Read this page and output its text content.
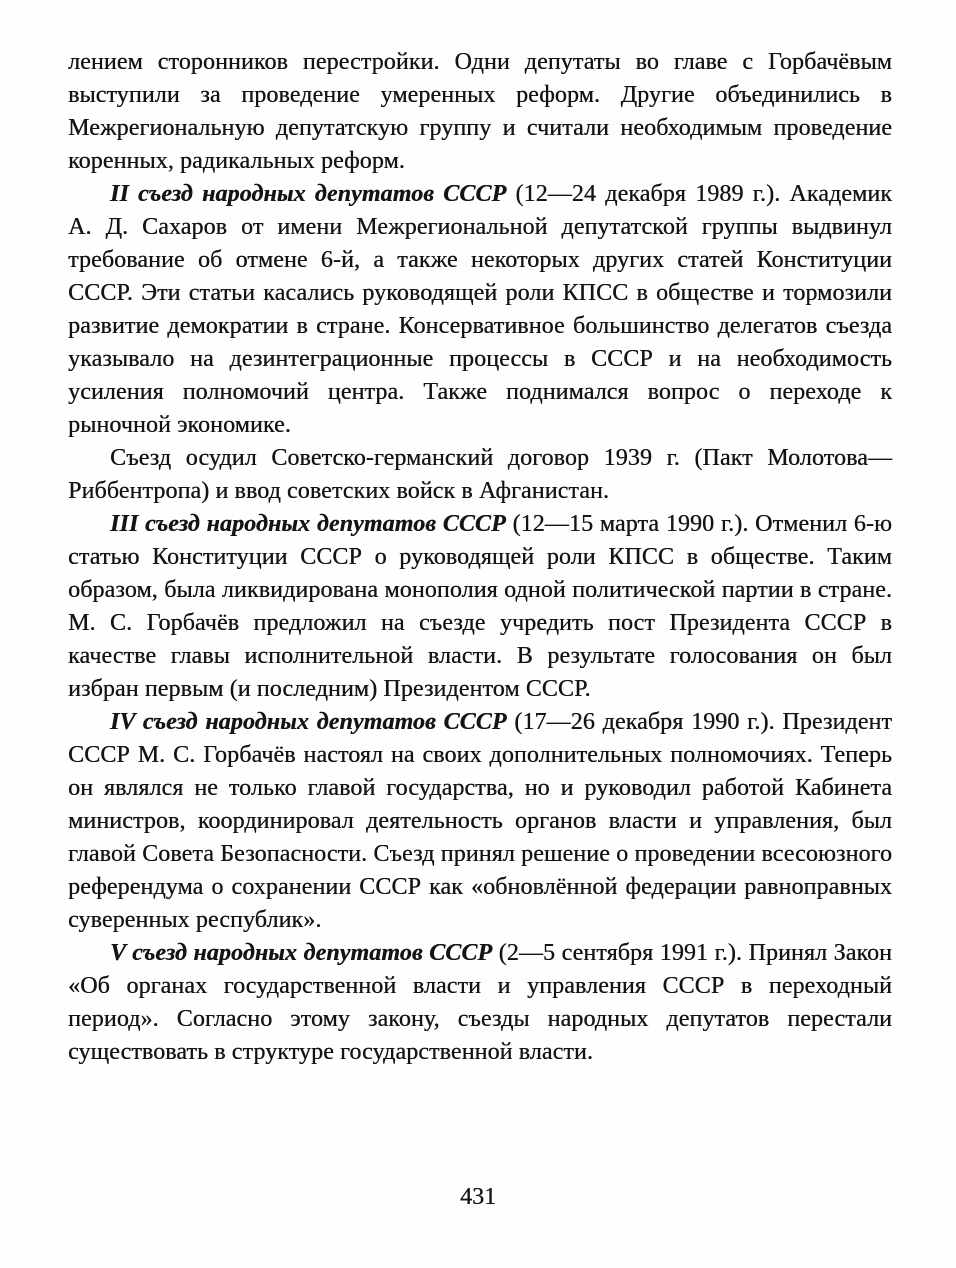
лением сторонников перестройки. Одни депутаты во главе с Горбачёвым выступили за проведение умеренных реформ. Другие объединились в Межрегиональную депутатскую группу и считали необходимым проведение коренных, радикальных реформ.

II съезд народных депутатов СССР (12—24 декабря 1989 г.). Академик А. Д. Сахаров от имени Межрегиональной депутатской группы выдвинул требование об отмене 6-й, а также некоторых других статей Конституции СССР. Эти статьи касались руководящей роли КПСС в обществе и тормозили развитие демократии в стране. Консервативное большинство делегатов съезда указывало на дезинтеграционные процессы в СССР и на необходимость усиления полномочий центра. Также поднимался вопрос о переходе к рыночной экономике.

Съезд осудил Советско-германский договор 1939 г. (Пакт Молотова—Риббентропа) и ввод советских войск в Афганистан.

III съезд народных депутатов СССР (12—15 марта 1990 г.). Отменил 6-ю статью Конституции СССР о руководящей роли КПСС в обществе. Таким образом, была ликвидирована монополия одной политической партии в стране. М. С. Горбачёв предложил на съезде учредить пост Президента СССР в качестве главы исполнительной власти. В результате голосования он был избран первым (и последним) Президентом СССР.

IV съезд народных депутатов СССР (17—26 декабря 1990 г.). Президент СССР М. С. Горбачёв настоял на своих дополнительных полномочиях. Теперь он являлся не только главой государства, но и руководил работой Кабинета министров, координировал деятельность органов власти и управления, был главой Совета Безопасности. Съезд принял решение о проведении всесоюзного референдума о сохранении СССР как «обновлённой федерации равноправных суверенных республик».

V съезд народных депутатов СССР (2—5 сентября 1991 г.). Принял Закон «Об органах государственной власти и управления СССР в переходный период». Согласно этому закону, съезды народных депутатов перестали существовать в структуре государственной власти.

431
